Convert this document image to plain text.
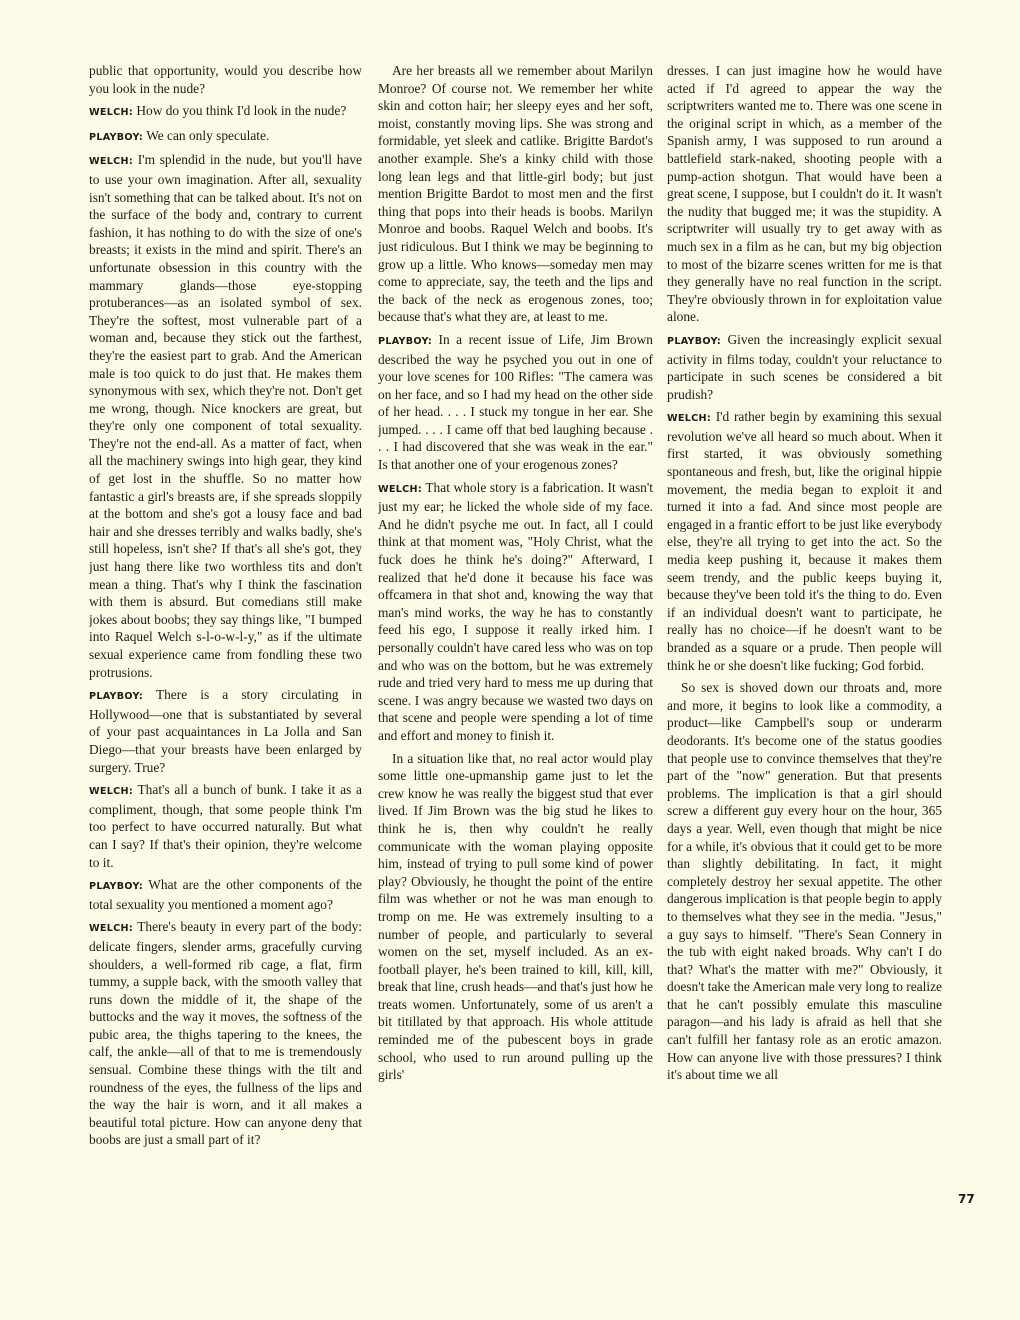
public that opportunity, would you describe how you look in the nude?

WELCH: How do you think I'd look in the nude?

PLAYBOY: We can only speculate.

WELCH: I'm splendid in the nude, but you'll have to use your own imagination. After all, sexuality isn't something that can be talked about. It's not on the surface of the body and, contrary to current fashion, it has nothing to do with the size of one's breasts; it exists in the mind and spirit. There's an unfortunate obsession in this country with the mammary glands—those eye-stopping protuberances—as an isolated symbol of sex. They're the softest, most vulnerable part of a woman and, because they stick out the farthest, they're the easiest part to grab. And the American male is too quick to do just that. He makes them synonymous with sex, which they're not. Don't get me wrong, though. Nice knockers are great, but they're only one component of total sexuality. They're not the end-all. As a matter of fact, when all the machinery swings into high gear, they kind of get lost in the shuffle. So no matter how fantastic a girl's breasts are, if she spreads sloppily at the bottom and she's got a lousy face and bad hair and she dresses terribly and walks badly, she's still hopeless, isn't she? If that's all she's got, they just hang there like two worthless tits and don't mean a thing. That's why I think the fascination with them is absurd. But comedians still make jokes about boobs; they say things like, "I bumped into Raquel Welch s-l-o-w-l-y," as if the ultimate sexual experience came from fondling these two protrusions.

PLAYBOY: There is a story circulating in Hollywood—one that is substantiated by several of your past acquaintances in La Jolla and San Diego—that your breasts have been enlarged by surgery. True?

WELCH: That's all a bunch of bunk. I take it as a compliment, though, that some people think I'm too perfect to have occurred naturally. But what can I say? If that's their opinion, they're welcome to it.

PLAYBOY: What are the other components of the total sexuality you mentioned a moment ago?

WELCH: There's beauty in every part of the body: delicate fingers, slender arms, gracefully curving shoulders, a well-formed rib cage, a flat, firm tummy, a supple back, with the smooth valley that runs down the middle of it, the shape of the buttocks and the way it moves, the softness of the pubic area, the thighs tapering to the knees, the calf, the ankle—all of that to me is tremendously sensual. Combine these things with the tilt and roundness of the eyes, the fullness of the lips and the way the hair is worn, and it all makes a beautiful total picture. How can anyone deny that boobs are just a small part of it?

Are her breasts all we remember about Marilyn Monroe? Of course not. We remember her white skin and cotton hair; her sleepy eyes and her soft, moist, constantly moving lips. She was strong and formidable, yet sleek and catlike. Brigitte Bardot's another example. She's a kinky child with those long lean legs and that little-girl body; but just mention Brigitte Bardot to most men and the first thing that pops into their heads is boobs. Marilyn Monroe and boobs. Raquel Welch and boobs. It's just ridiculous. But I think we may be beginning to grow up a little. Who knows—someday men may come to appreciate, say, the teeth and the lips and the back of the neck as erogenous zones, too; because that's what they are, at least to me.

PLAYBOY: In a recent issue of Life, Jim Brown described the way he psyched you out in one of your love scenes for 100 Rifles: "The camera was on her face, and so I had my head on the other side of her head. . . . I stuck my tongue in her ear. She jumped. . . . I came off that bed laughing because . . . I had discovered that she was weak in the ear." Is that another one of your erogenous zones?

WELCH: That whole story is a fabrication. It wasn't just my ear; he licked the whole side of my face. And he didn't psyche me out. In fact, all I could think at that moment was, "Holy Christ, what the fuck does he think he's doing?" Afterward, I realized that he'd done it because his face was offcamera in that shot and, knowing the way that man's mind works, the way he has to constantly feed his ego, I suppose it really irked him. I personally couldn't have cared less who was on top and who was on the bottom, but he was extremely rude and tried very hard to mess me up during that scene. I was angry because we wasted two days on that scene and people were spending a lot of time and effort and money to finish it.

In a situation like that, no real actor would play some little one-upmanship game just to let the crew know he was really the biggest stud that ever lived. If Jim Brown was the big stud he likes to think he is, then why couldn't he really communicate with the woman playing opposite him, instead of trying to pull some kind of power play? Obviously, he thought the point of the entire film was whether or not he was man enough to tromp on me. He was extremely insulting to a number of people, and particularly to several women on the set, myself included. As an ex-football player, he's been trained to kill, kill, kill, break that line, crush heads—and that's just how he treats women. Unfortunately, some of us aren't a bit titillated by that approach. His whole attitude reminded me of the pubescent boys in grade school, who used to run around pulling up the girls'

dresses. I can just imagine how he would have acted if I'd agreed to appear the way the scriptwriters wanted me to. There was one scene in the original script in which, as a member of the Spanish army, I was supposed to run around a battlefield stark-naked, shooting people with a pump-action shotgun. That would have been a great scene, I suppose, but I couldn't do it. It wasn't the nudity that bugged me; it was the stupidity. A scriptwriter will usually try to get away with as much sex in a film as he can, but my big objection to most of the bizarre scenes written for me is that they generally have no real function in the script. They're obviously thrown in for exploitation value alone.

PLAYBOY: Given the increasingly explicit sexual activity in films today, couldn't your reluctance to participate in such scenes be considered a bit prudish?

WELCH: I'd rather begin by examining this sexual revolution we've all heard so much about. When it first started, it was obviously something spontaneous and fresh, but, like the original hippie movement, the media began to exploit it and turned it into a fad. And since most people are engaged in a frantic effort to be just like everybody else, they're all trying to get into the act. So the media keep pushing it, because it makes them seem trendy, and the public keeps buying it, because they've been told it's the thing to do. Even if an individual doesn't want to participate, he really has no choice—if he doesn't want to be branded as a square or a prude. Then people will think he or she doesn't like fucking; God forbid.

So sex is shoved down our throats and, more and more, it begins to look like a commodity, a product—like Campbell's soup or underarm deodorants. It's become one of the status goodies that people use to convince themselves that they're part of the "now" generation. But that presents problems. The implication is that a girl should screw a different guy every hour on the hour, 365 days a year. Well, even though that might be nice for a while, it's obvious that it could get to be more than slightly debilitating. In fact, it might completely destroy her sexual appetite. The other dangerous implication is that people begin to apply to themselves what they see in the media. "Jesus," a guy says to himself. "There's Sean Connery in the tub with eight naked broads. Why can't I do that? What's the matter with me?" Obviously, it doesn't take the American male very long to realize that he can't possibly emulate this masculine paragon—and his lady is afraid as hell that she can't fulfill her fantasy role as an erotic amazon. How can anyone live with those pressures? I think it's about time we all

77
